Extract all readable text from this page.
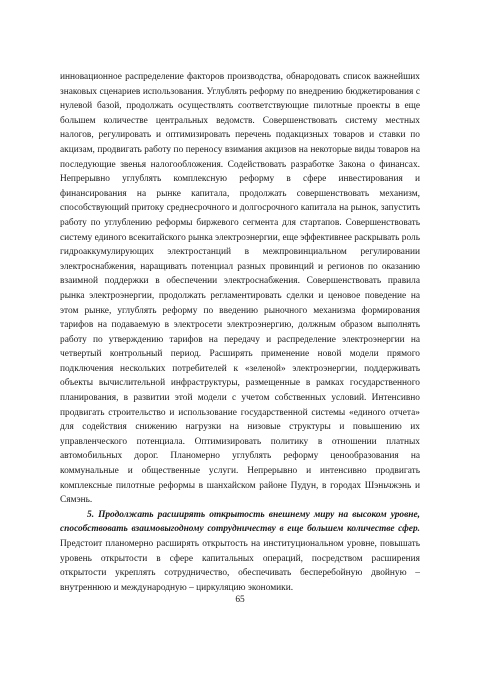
инновационное распределение факторов производства, обнародовать список важнейших знаковых сценариев использования. Углублять реформу по внедрению бюджетирования с нулевой базой, продолжать осуществлять соответствующие пилотные проекты в еще большем количестве центральных ведомств. Совершенствовать систему местных налогов, регулировать и оптимизировать перечень подакцизных товаров и ставки по акцизам, продвигать работу по переносу взимания акцизов на некоторые виды товаров на последующие звенья налогообложения. Содействовать разработке Закона о финансах. Непрерывно углублять комплексную реформу в сфере инвестирования и финансирования на рынке капитала, продолжать совершенствовать механизм, способствующий притоку среднесрочного и долгосрочного капитала на рынок, запустить работу по углублению реформы биржевого сегмента для стартапов. Совершенствовать систему единого всекитайского рынка электроэнергии, еще эффективнее раскрывать роль гидроаккумулирующих электростанций в межпровинциальном регулировании электроснабжения, наращивать потенциал разных провинций и регионов по оказанию взаимной поддержки в обеспечении электроснабжения. Совершенствовать правила рынка электроэнергии, продолжать регламентировать сделки и ценовое поведение на этом рынке, углублять реформу по введению рыночного механизма формирования тарифов на подаваемую в электросети электроэнергию, должным образом выполнять работу по утверждению тарифов на передачу и распределение электроэнергии на четвертый контрольный период. Расширять применение новой модели прямого подключения нескольких потребителей к «зеленой» электроэнергии, поддерживать объекты вычислительной инфраструктуры, размещенные в рамках государственного планирования, в развитии этой модели с учетом собственных условий. Интенсивно продвигать строительство и использование государственной системы «единого отчета» для содействия снижению нагрузки на низовые структуры и повышению их управленческого потенциала. Оптимизировать политику в отношении платных автомобильных дорог. Планомерно углублять реформу ценообразования на коммунальные и общественные услуги. Непрерывно и интенсивно продвигать комплексные пилотные реформы в шанхайском районе Пудун, в городах Шэньчжэнь и Сямэнь.

5. Продолжать расширять открытость внешнему миру на высоком уровне, способствовать взаимовыгодному сотрудничеству в еще большем количестве сфер. Предстоит планомерно расширять открытость на институциональном уровне, повышать уровень открытости в сфере капитальных операций, посредством расширения открытости укреплять сотрудничество, обеспечивать бесперебойную двойную – внутреннюю и международную – циркуляцию экономики.

65
